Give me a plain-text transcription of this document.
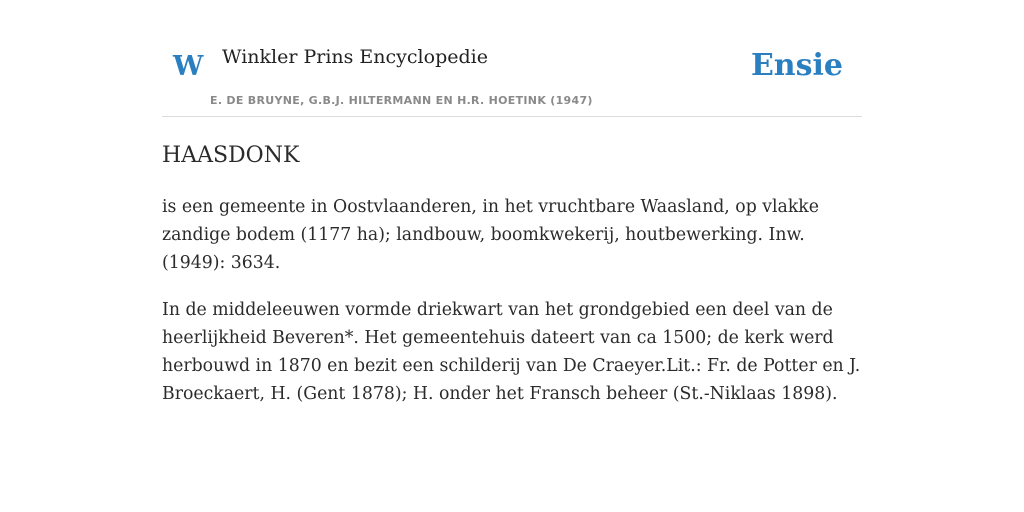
W Winkler Prins Encyclopedie
E. DE BRUYNE, G.B.J. HILTERMANN EN H.R. HOETINK (1947)
Ensie
HAASDONK

is een gemeente in Oostvlaanderen, in het vruchtbare Waasland, op vlakke zandige bodem (1177 ha); landbouw, boomkwekerij, houtbewerking. Inw. (1949): 3634.

In de middeleeuwen vormde driekwart van het grondgebied een deel van de heerlijkheid Beveren*. Het gemeentehuis dateert van ca 1500; de kerk werd herbouwd in 1870 en bezit een schilderij van De Craeyer.Lit.: Fr. de Potter en J. Broeckaert, H. (Gent 1878); H. onder het Fransch beheer (St.-Niklaas 1898).
